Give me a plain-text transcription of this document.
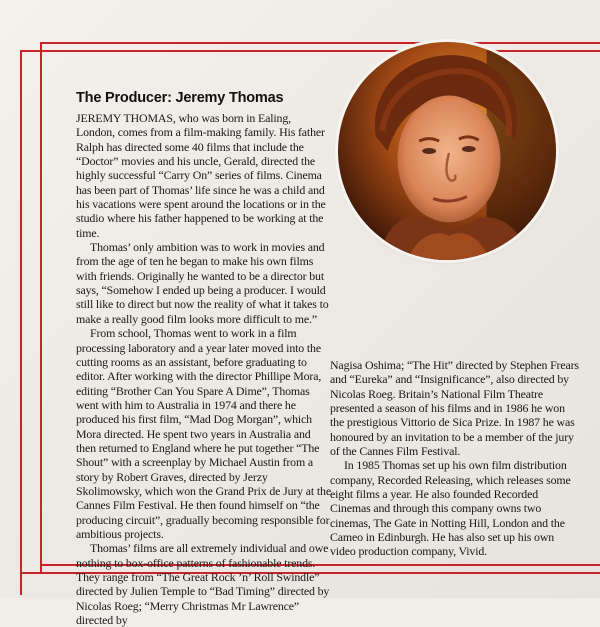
The Producer: Jeremy Thomas

JEREMY THOMAS, who was born in Ealing, London, comes from a film-making family. His father Ralph has directed some 40 films that include the “Doctor” movies and his uncle, Gerald, directed the highly successful “Carry On” series of films. Cinema has been part of Thomas’ life since he was a child and his vacations were spent around the locations or in the studio where his father happened to be working at the time.

Thomas’ only ambition was to work in movies and from the age of ten he began to make his own films with friends. Originally he wanted to be a director but says, “Somehow I ended up being a producer. I would still like to direct but now the reality of what it takes to make a really good film looks more difficult to me.”

From school, Thomas went to work in a film processing laboratory and a year later moved into the cutting rooms as an assistant, before graduating to editor. After working with the director Phillipe Mora, editing “Brother Can You Spare A Dime”, Thomas went with him to Australia in 1974 and there he produced his first film, “Mad Dog Morgan”, which Mora directed. He spent two years in Australia and then returned to England where he put together “The Shout” with a screenplay by Michael Austin from a story by Robert Graves, directed by Jerzy Skolimowsky, which won the Grand Prix de Jury at the Cannes Film Festival. He then found himself on “the producing circuit”, gradually becoming responsible for ambitious projects.

Thomas’ films are all extremely individual and owe nothing to box-office patterns of fashionable trends. They range from “The Great Rock ’n’ Roll Swindle” directed by Julien Temple to “Bad Timing” directed by Nicolas Roeg; “Merry Christmas Mr Lawrence” directed by

Nagisa Oshima; “The Hit” directed by Stephen Frears and “Eureka” and “Insignificance”, also directed by Nicolas Roeg. Britain’s National Film Theatre presented a season of his films and in 1986 he won the prestigious Vittorio de Sica Prize. In 1987 he was honoured by an invitation to be a member of the jury of the Cannes Film Festival.

In 1985 Thomas set up his own film distribution company, Recorded Releasing, which releases some eight films a year. He also founded Recorded Cinemas and through this company owns two cinemas, The Gate in Notting Hill, London and the Cameo in Edinburgh. He has also set up his own video production company, Vivid.
